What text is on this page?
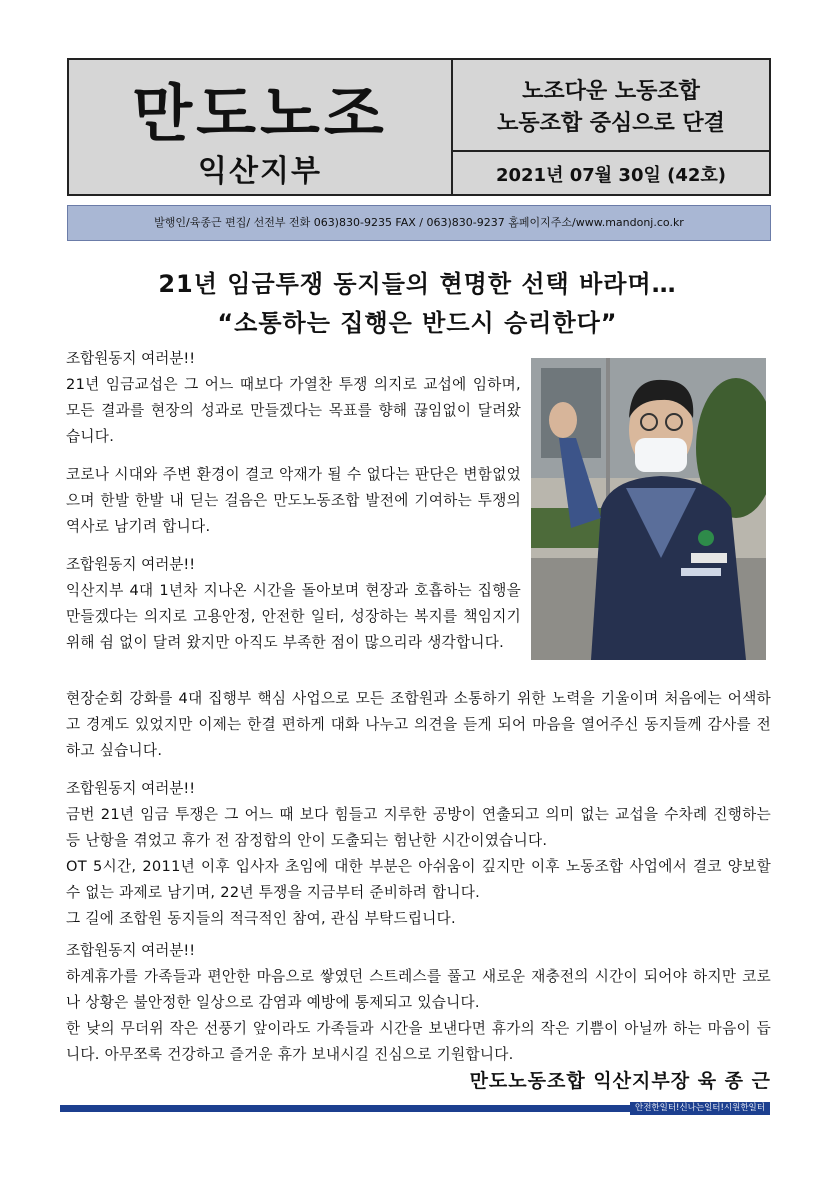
만도노조
익산지부
노조다운 노동조합
노동조합 중심으로 단결
2021년 07월 30일 (42호)
발행인/육종근 편집/ 선전부 전화 063)830-9235 FAX / 063)830-9237 홈페이지주소/www.mandonj.co.kr
21년 임금투쟁 동지들의 현명한 선택 바라며…
“소통하는 집행은 반드시 승리한다”
조합원동지 여러분!!
21년 임금교섭은 그 어느 때보다 가열찬 투쟁 의지로 교섭에 임하며, 모든 결과를 현장의 성과로 만들겠다는 목표를 향해 끊임없이 달려왔습니다.
코로나 시대와 주변 환경이 결코 악재가 될 수 없다는 판단은 변함없었으며 한발 한발 내 딛는 걸음은 만도노동조합 발전에 기여하는 투쟁의 역사로 남기려 합니다.
조합원동지 여러분!!
익산지부 4대 1년차 지나온 시간을 돌아보며 현장과 호흡하는 집행을 만들겠다는 의지로 고용안정, 안전한 일터, 성장하는 복지를 책임지기 위해 쉼 없이 달려 왔지만 아직도 부족한 점이 많으리라 생각합니다.
현장순회 강화를 4대 집행부 핵심 사업으로 모든 조합원과 소통하기 위한 노력을 기울이며 처음에는 어색하고 경계도 있었지만 이제는 한결 편하게 대화 나누고 의견을 듣게 되어 마음을 열어주신 동지들께 감사를 전하고 싶습니다.
조합원동지 여러분!!
금번 21년 임금 투쟁은 그 어느 때 보다 힘들고 지루한 공방이 연출되고 의미 없는 교섭을 수차례 진행하는 등 난항을 겪었고 휴가 전 잠정합의 안이 도출되는 험난한 시간이였습니다.
OT 5시간, 2011년 이후 입사자 초임에 대한 부분은 아쉬움이 깊지만 이후 노동조합 사업에서 결코 양보할 수 없는 과제로 남기며, 22년 투쟁을 지금부터 준비하려 합니다.
그 길에 조합원 동지들의 적극적인 참여, 관심 부탁드립니다.
조합원동지 여러분!!
하계휴가를 가족들과 편안한 마음으로 쌓였던 스트레스를 풀고 새로운 재충전의 시간이 되어야 하지만 코로나 상황은 불안정한 일상으로 감염과 예방에 통제되고 있습니다.
한 낮의 무더위 작은 선풍기 앞이라도 가족들과 시간을 보낸다면 휴가의 작은 기쁨이 아닐까 하는 마음이 듭니다. 아무쪼록 건강하고 즐거운 휴가 보내시길 진심으로 기원합니다.
만도노동조합 익산지부장 육 종 근
안전한일터!신나는일터!시원한일터
